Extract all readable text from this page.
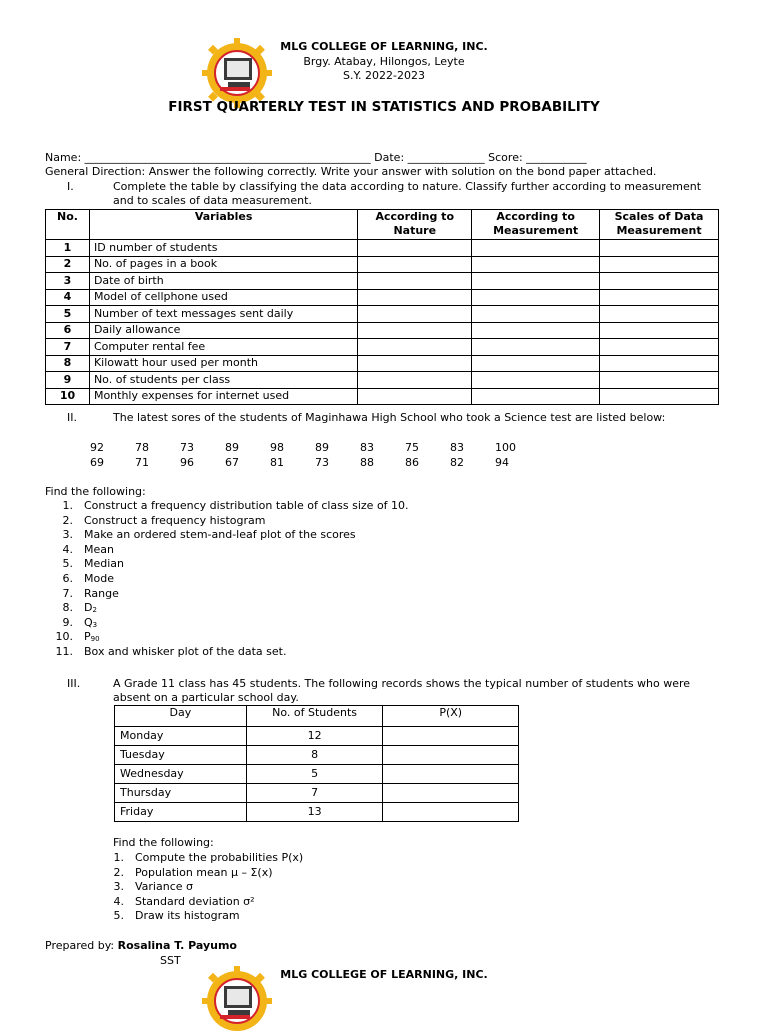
MLG COLLEGE OF LEARNING, INC.
Brgy. Atabay, Hilongos, Leyte
S.Y. 2022-2023
FIRST QUARTERLY TEST IN STATISTICS AND PROBABILITY
Name: ____________________________________________________ Date: ______________ Score: ___________
General Direction: Answer the following correctly. Write your answer with solution on the bond paper attached.
I.	Complete the table by classifying the data according to nature. Classify further according to measurement
and to scales of data measurement.
No.	Variables	According to Nature	According to Measurement	Scales of Data Measurement
1	ID number of students			
2	No. of pages in a book			
3	Date of birth			
4	Model of cellphone used			
5	Number of text messages sent daily			
6	Daily allowance			
7	Computer rental fee			
8	Kilowatt hour used per month			
9	No. of students per class			
10	Monthly expenses for internet used			
II.	The latest sores of the students of Maginhawa High School who took a Science test are listed below:
92	78	73	89	98	89	83	75	83	100
69	71	96	67	81	73	88	86	82	94
Find the following:
1. Construct a frequency distribution table of class size of 10.
2. Construct a frequency histogram
3. Make an ordered stem-and-leaf plot of the scores
4. Mean
5. Median
6. Mode
7. Range
8. $D_2$
9. $Q_3$
10. $P_{90}$
11. Box and whisker plot of the data set.
III.	A Grade 11 class has 45 students. The following records shows the typical number of students who were
absent on a particular school day.
Day	No. of Students	P(X)
Monday	12	
Tuesday	8	
Wednesday	5	
Thursday	7	
Friday	13	
Find the following:
1. Compute the probabilities P(x)
2. Population mean μ – Σ(x)
3. Variance σ
4. Standard deviation σ²
5. Draw its histogram
Prepared by: Rosalina T. Payumo
SST
MLG COLLEGE OF LEARNING, INC.
